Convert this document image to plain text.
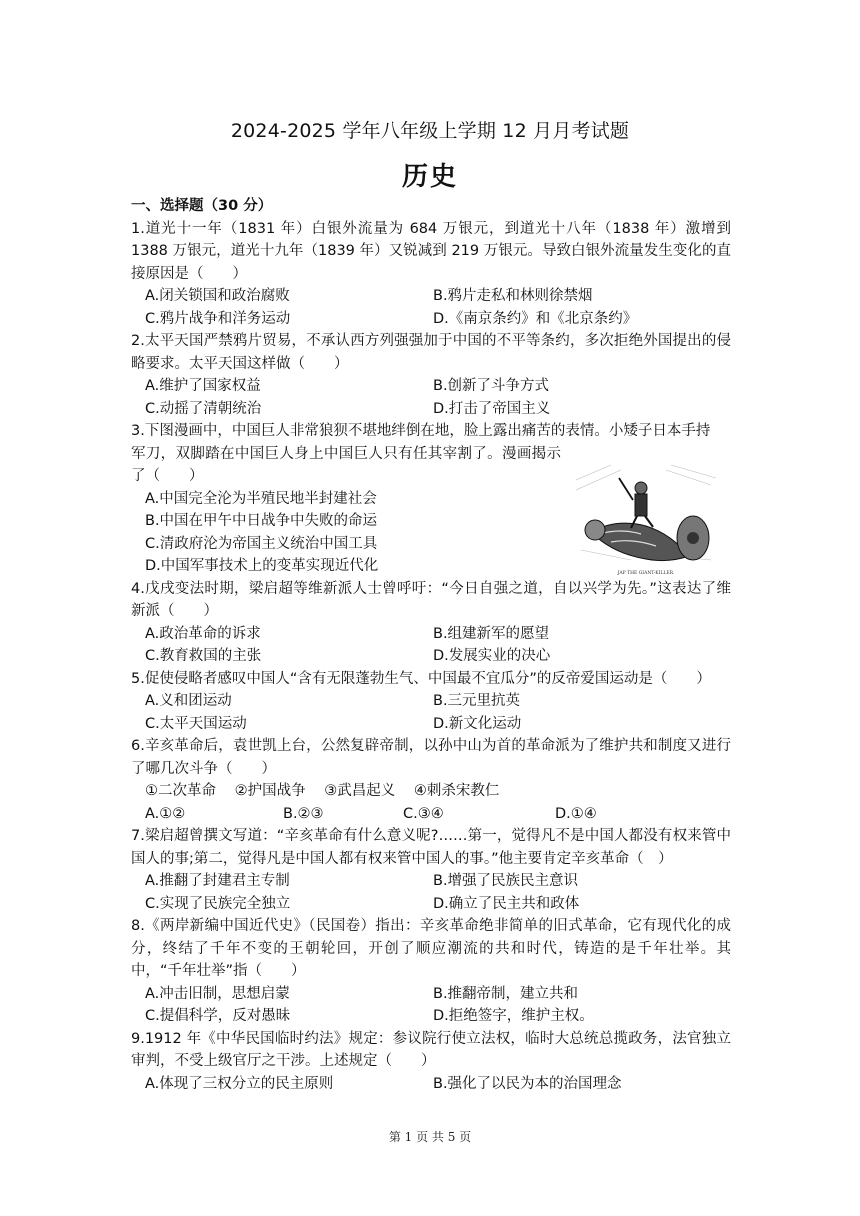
2024-2025 学年八年级上学期 12 月月考试题
历史
一、选择题（30 分）
1.道光十一年（1831 年）白银外流量为 684 万银元，到道光十八年（1838 年）激增到 1388 万银元，道光十九年（1839 年）又锐减到 219 万银元。导致白银外流量发生变化的直接原因是（　　）
A.闭关锁国和政治腐败	B.鸦片走私和林则徐禁烟
C.鸦片战争和洋务运动	D.《南京条约》和《北京条约》
2.太平天国严禁鸦片贸易，不承认西方列强强加于中国的不平等条约，多次拒绝外国提出的侵略要求。太平天国这样做（　　）
A.维护了国家权益	B.创新了斗争方式
C.动摇了清朝统治	D.打击了帝国主义
3.下图漫画中，中国巨人非常狼狈不堪地绊倒在地，脸上露出痛苦的表情。小矮子日本手持
军刀，双脚踏在中国巨人身上中国巨人只有任其宰割了。漫画揭示了（　　）
A.中国完全沦为半殖民地半封建社会
B.中国在甲午中日战争中失败的命运
C.清政府沦为帝国主义统治中国工具
D.中国军事技术上的变革实现近代化	JAP THE GIANT-KILLER.
4.戊戌变法时期，梁启超等维新派人士曾呼吁：“今日自强之道，自以兴学为先。”这表达了维新派（　　）
A.政治革命的诉求	B.组建新军的愿望
C.教育救国的主张	D.发展实业的决心
5.促使侵略者感叹中国人“含有无限蓬勃生气、中国最不宜瓜分”的反帝爱国运动是（　　）
A.义和团运动	B.三元里抗英
C.太平天国运动	D.新文化运动
6.辛亥革命后，袁世凯上台，公然复辟帝制，以孙中山为首的革命派为了维护共和制度又进行了哪几次斗争（　　）
①二次革命 ②护国战争 ③武昌起义 ④刺杀宋教仁
A.①②	B.②③	C.③④	D.①④
7.梁启超曾撰文写道：“辛亥革命有什么意义呢?……第一，觉得凡不是中国人都没有权来管中国人的事;第二，觉得凡是中国人都有权来管中国人的事。”他主要肯定辛亥革命（　）
A.推翻了封建君主专制	B.增强了民族民主意识
C.实现了民族完全独立	D.确立了民主共和政体
8.《两岸新编中国近代史》（民国卷）指出：辛亥革命绝非简单的旧式革命，它有现代化的成分，终结了千年不变的王朝轮回，开创了顺应潮流的共和时代，铸造的是千年壮举。其中，“千年壮举”指（　　）
A.冲击旧制，思想启蒙	B.推翻帝制，建立共和
C.提倡科学，反对愚昧	D.拒绝签字，维护主权。
9.1912 年《中华民国临时约法》规定：参议院行使立法权，临时大总统总揽政务，法官独立审判，不受上级官厅之干涉。上述规定（　　）
A.体现了三权分立的民主原则	B.强化了以民为本的治国理念
第 1 页 共 5 页
